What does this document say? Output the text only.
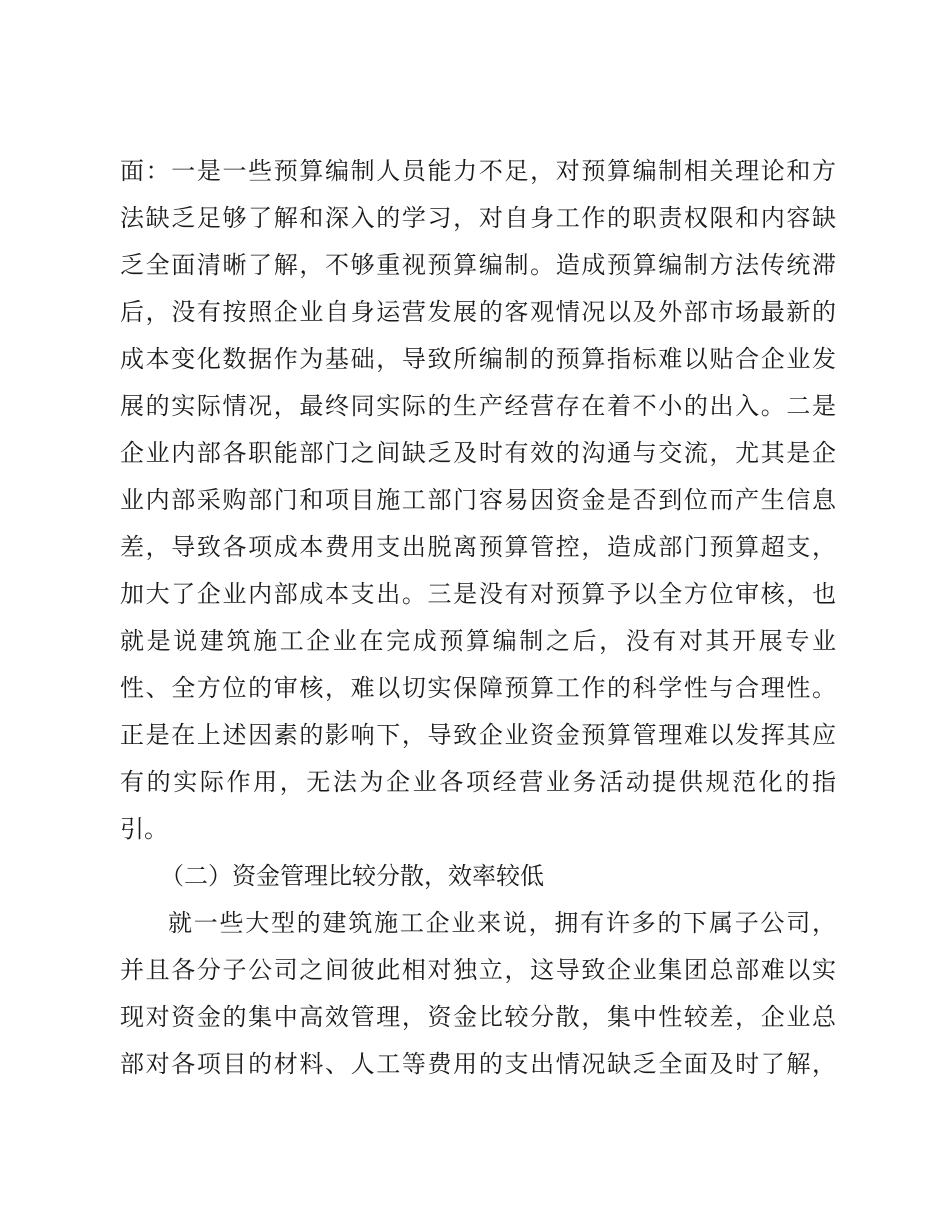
面：一是一些预算编制人员能力不足，对预算编制相关理论和方
法缺乏足够了解和深入的学习，对自身工作的职责权限和内容缺
乏全面清晰了解，不够重视预算编制。造成预算编制方法传统滞
后，没有按照企业自身运营发展的客观情况以及外部市场最新的
成本变化数据作为基础，导致所编制的预算指标难以贴合企业发
展的实际情况，最终同实际的生产经营存在着不小的出入。二是
企业内部各职能部门之间缺乏及时有效的沟通与交流，尤其是企
业内部采购部门和项目施工部门容易因资金是否到位而产生信息
差，导致各项成本费用支出脱离预算管控，造成部门预算超支，
加大了企业内部成本支出。三是没有对预算予以全方位审核，也
就是说建筑施工企业在完成预算编制之后，没有对其开展专业
性、全方位的审核，难以切实保障预算工作的科学性与合理性。
正是在上述因素的影响下，导致企业资金预算管理难以发挥其应
有的实际作用，无法为企业各项经营业务活动提供规范化的指
引。
（二）资金管理比较分散，效率较低
就一些大型的建筑施工企业来说，拥有许多的下属子公司，
并且各分子公司之间彼此相对独立，这导致企业集团总部难以实
现对资金的集中高效管理，资金比较分散，集中性较差，企业总
部对各项目的材料、人工等费用的支出情况缺乏全面及时了解，
